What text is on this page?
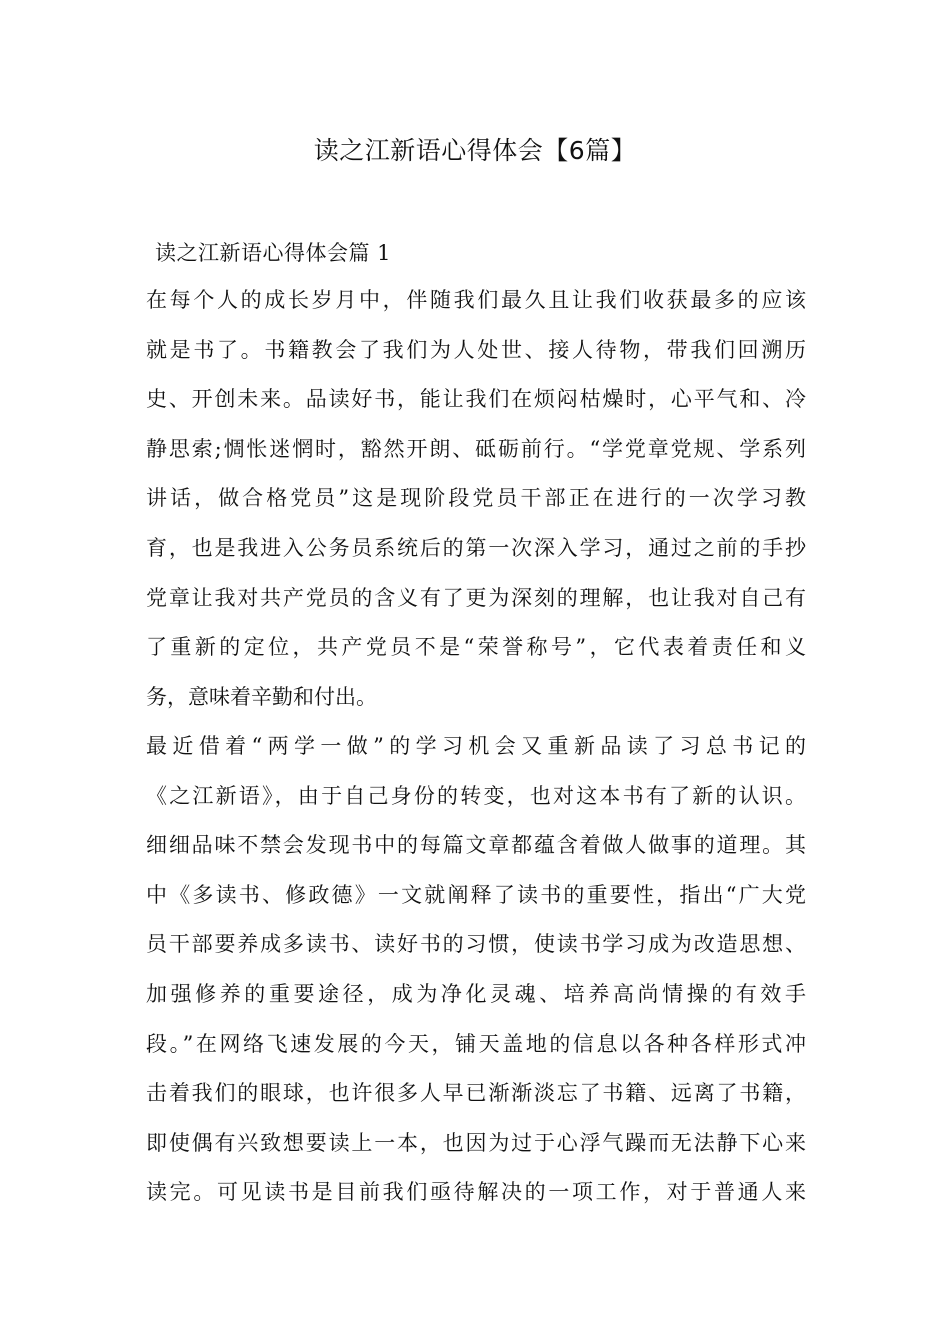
读之江新语心得体会【6篇】
读之江新语心得体会篇 1
在每个人的成长岁月中，伴随我们最久且让我们收获最多的应该
就是书了。书籍教会了我们为人处世、接人待物，带我们回溯历
史、开创未来。品读好书，能让我们在烦闷枯燥时，心平气和、冷
静思索;惆怅迷惘时，豁然开朗、砥砺前行。“学党章党规、学系列
讲话，做合格党员”这是现阶段党员干部正在进行的一次学习教
育，也是我进入公务员系统后的第一次深入学习，通过之前的手抄
党章让我对共产党员的含义有了更为深刻的理解，也让我对自己有
了重新的定位，共产党员不是“荣誉称号”，它代表着责任和义
务，意味着辛勤和付出。
最近借着“两学一做”的学习机会又重新品读了习总书记的
《之江新语》，由于自己身份的转变，也对这本书有了新的认识。
细细品味不禁会发现书中的每篇文章都蕴含着做人做事的道理。其
中《多读书、修政德》一文就阐释了读书的重要性，指出“广大党
员干部要养成多读书、读好书的习惯，使读书学习成为改造思想、
加强修养的重要途径，成为净化灵魂、培养高尚情操的有效手
段。”在网络飞速发展的今天，铺天盖地的信息以各种各样形式冲
击着我们的眼球，也许很多人早已渐渐淡忘了书籍、远离了书籍，
即使偶有兴致想要读上一本，也因为过于心浮气躁而无法静下心来
读完。可见读书是目前我们亟待解决的一项工作，对于普通人来
